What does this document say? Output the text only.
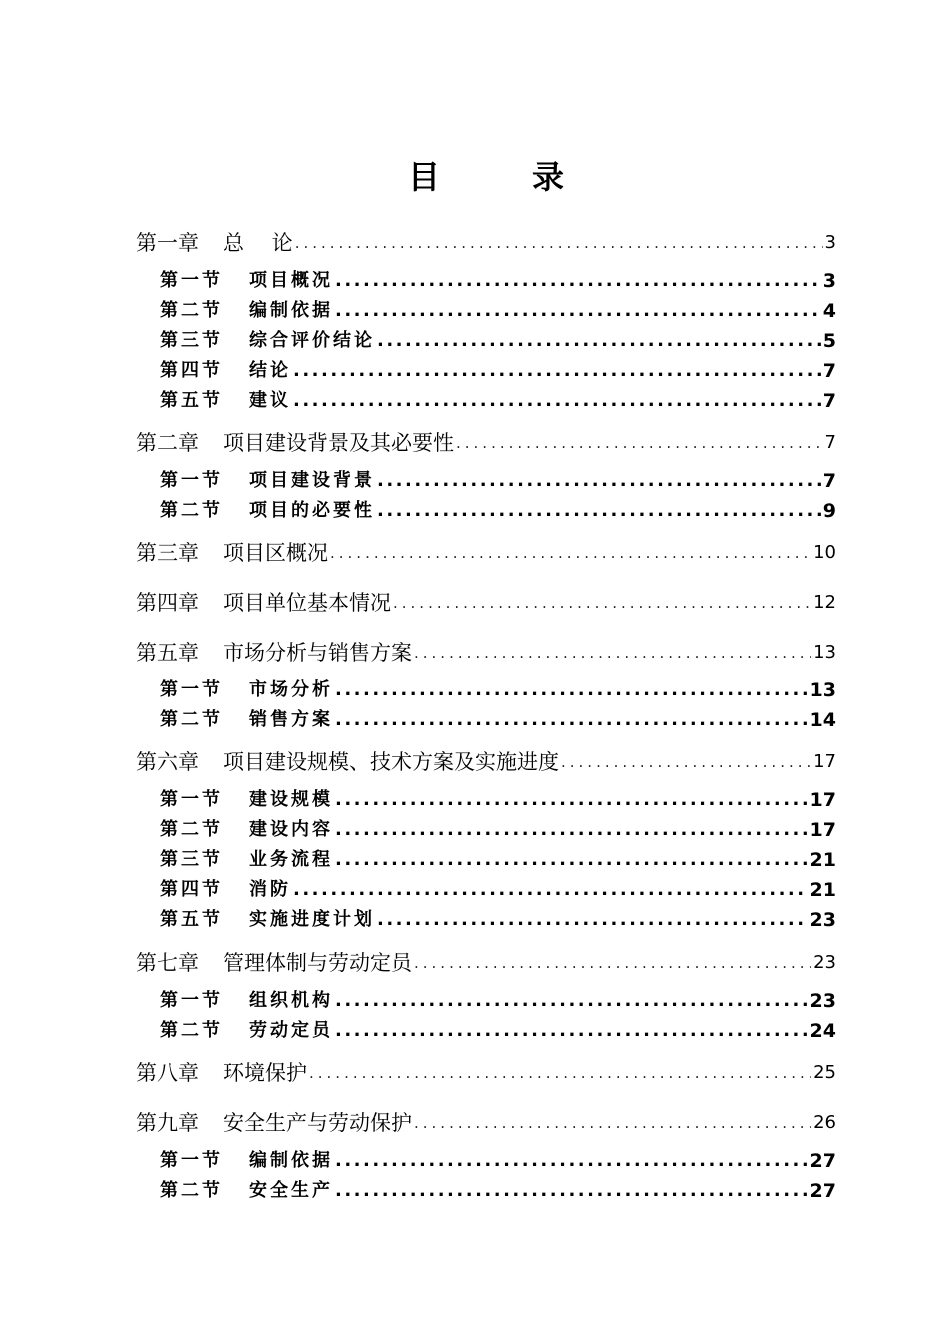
目	录
第一章 总　 论 .....	3
第一节 项目概况 .....	3
第二节 编制依据 .....	4
第三节 综合评价结论 .....	5
第四节 结论 .....	7
第五节 建议 .....	7
第二章 项目建设背景及其必要性 .....	7
第一节 项目建设背景 .....	7
第二节 项目的必要性 .....	9
第三章 项目区概况 .....	10
第四章 项目单位基本情况 .....	12
第五章 市场分析与销售方案 .....	13
第一节 市场分析 .....	13
第二节 销售方案 .....	14
第六章 项目建设规模、技术方案及实施进度 .....	17
第一节 建设规模 .....	17
第二节 建设内容 .....	17
第三节 业务流程 .....	21
第四节 消防 .....	21
第五节 实施进度计划 .....	23
第七章 管理体制与劳动定员 .....	23
第一节 组织机构 .....	23
第二节 劳动定员 .....	24
第八章 环境保护 .....	25
第九章 安全生产与劳动保护 .....	26
第一节 编制依据 .....	27
第二节 安全生产 .....	27
